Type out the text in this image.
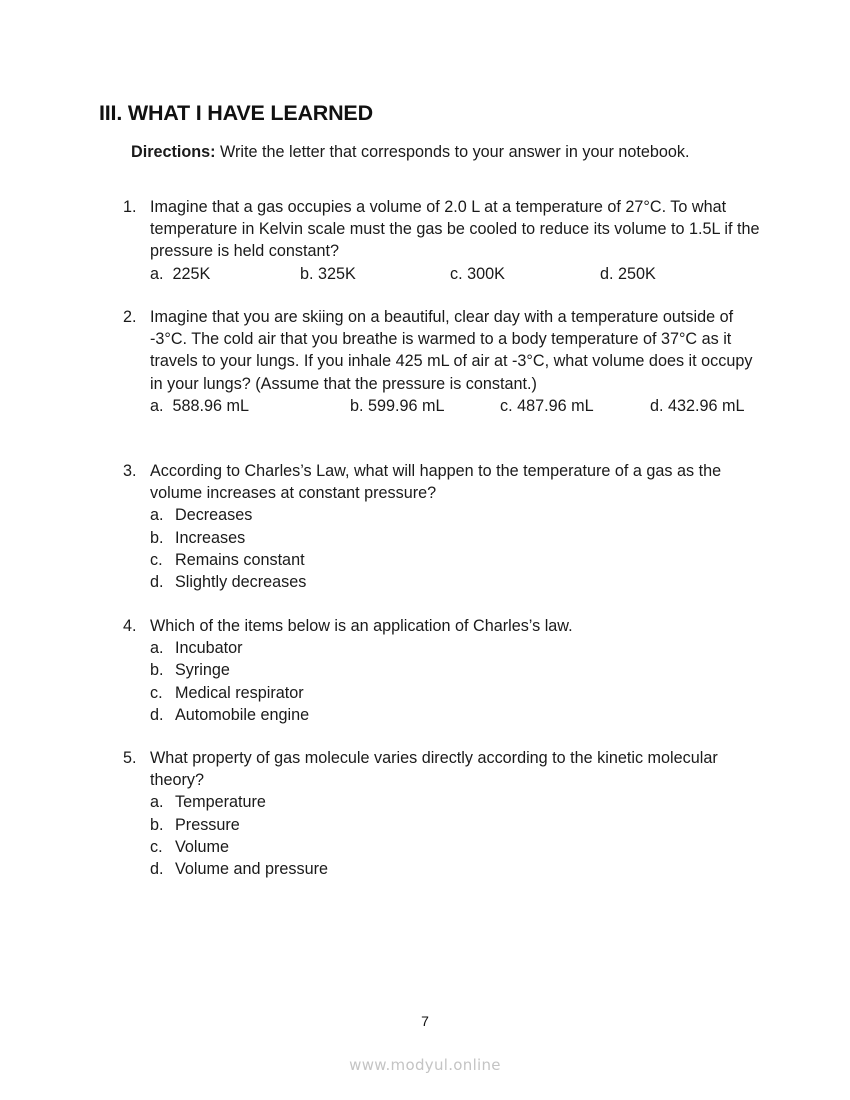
III. WHAT I HAVE LEARNED
Directions: Write the letter that corresponds to your answer in your notebook.
1. Imagine that a gas occupies a volume of 2.0 L at a temperature of 27°C. To what temperature in Kelvin scale must the gas be cooled to reduce its volume to 1.5L if the pressure is held constant?
a. 225K	b. 325K	c. 300K	d. 250K
2. Imagine that you are skiing on a beautiful, clear day with a temperature outside of -3°C. The cold air that you breathe is warmed to a body temperature of 37°C as it travels to your lungs. If you inhale 425 mL of air at -3°C, what volume does it occupy in your lungs? (Assume that the pressure is constant.)
a. 588.96 mL	b. 599.96 mL	c. 487.96 mL	d. 432.96 mL
3. According to Charles’s Law, what will happen to the temperature of a gas as the volume increases at constant pressure?
a. Decreases
b. Increases
c. Remains constant
d. Slightly decreases
4. Which of the items below is an application of Charles’s law.
a. Incubator
b. Syringe
c. Medical respirator
d. Automobile engine
5. What property of gas molecule varies directly according to the kinetic molecular theory?
a. Temperature
b. Pressure
c. Volume
d. Volume and pressure
7
www.modyul.online
